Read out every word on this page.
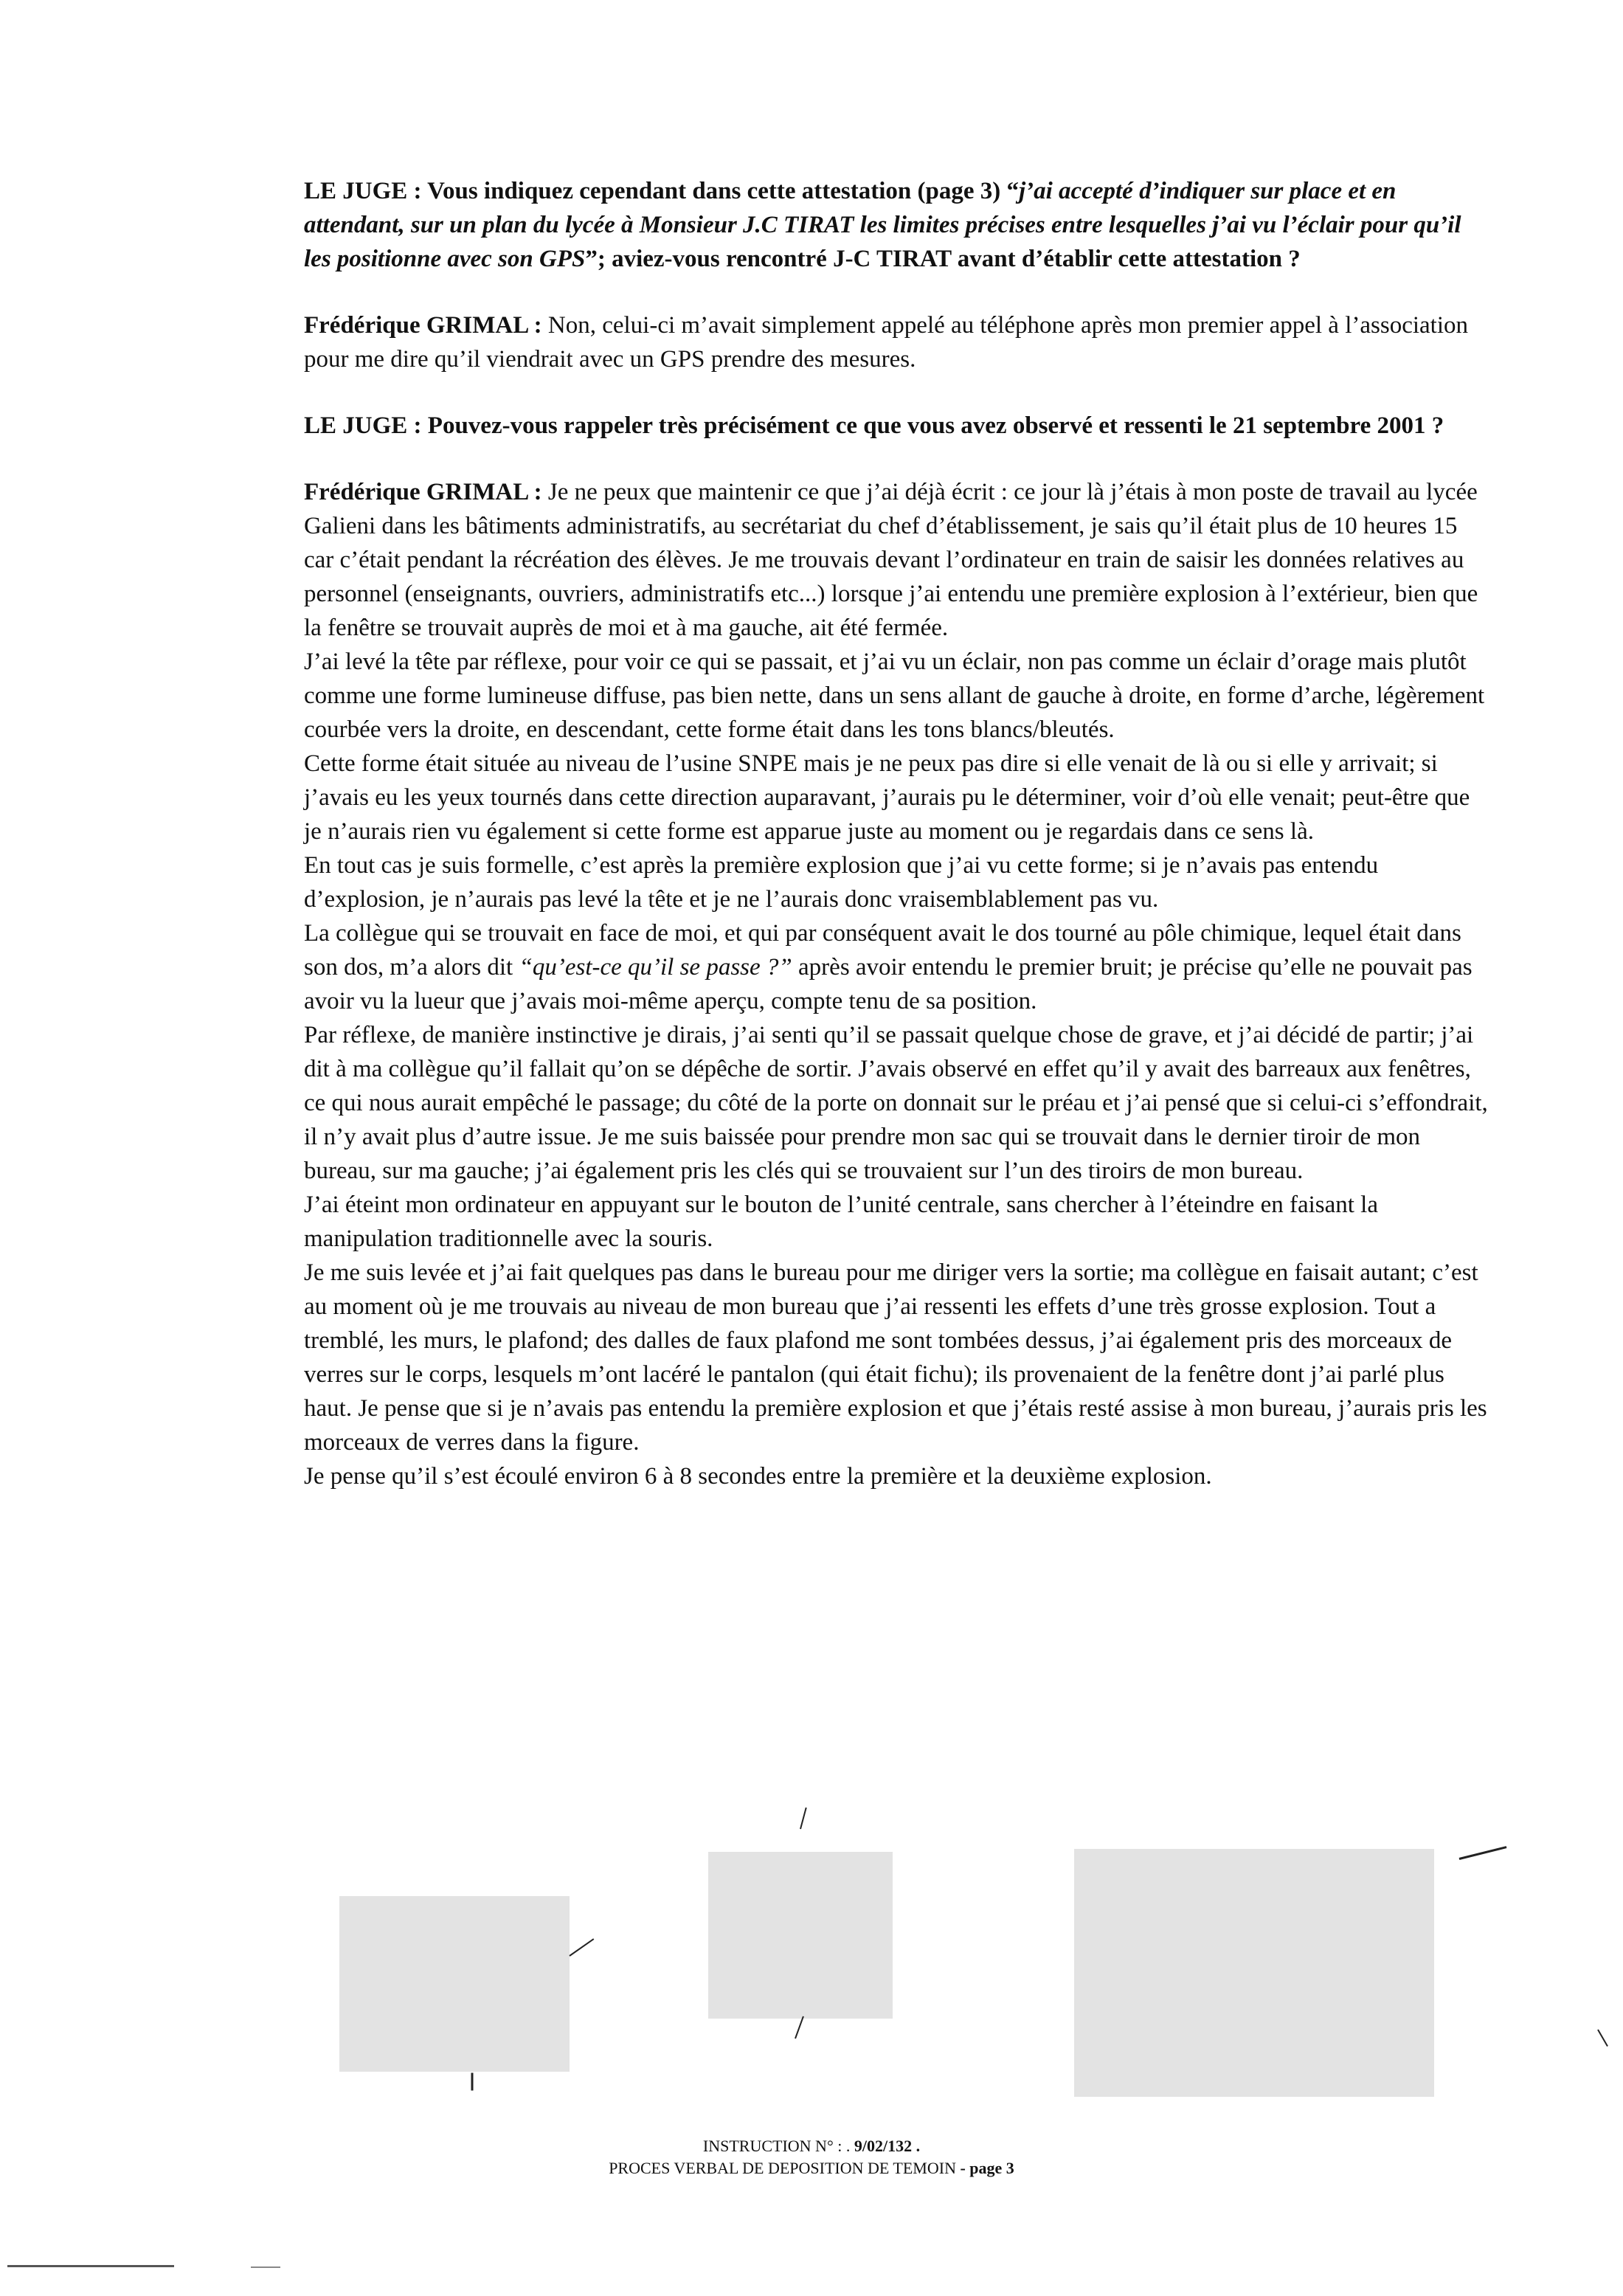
LE JUGE : Vous indiquez cependant dans cette attestation (page 3) “j’ai accepté d’indiquer sur place et en attendant, sur un plan du lycée à Monsieur J.C TIRAT les limites précises entre lesquelles j’ai vu l’éclair pour qu’il les positionne avec son GPS”; aviez-vous rencontré J-C TIRAT avant d’établir cette attestation ?

Frédérique GRIMAL : Non, celui-ci m’avait simplement appelé au téléphone après mon premier appel à l’association pour me dire qu’il viendrait avec un GPS prendre des mesures.

LE JUGE : Pouvez-vous rappeler très précisément ce que vous avez observé et ressenti le 21 septembre 2001 ?

Frédérique GRIMAL : Je ne peux que maintenir ce que j’ai déjà écrit : ce jour là j’étais à mon poste de travail au lycée Galieni dans les bâtiments administratifs, au secrétariat du chef d’établissement, je sais qu’il était plus de 10 heures 15 car c’était pendant la récréation des élèves. Je me trouvais devant l’ordinateur en train de saisir les données relatives au personnel (enseignants, ouvriers, administratifs etc...) lorsque j’ai entendu une première explosion à l’extérieur, bien que la fenêtre se trouvait auprès de moi et à ma gauche, ait été fermée.

J’ai levé la tête par réflexe, pour voir ce qui se passait, et j’ai vu un éclair, non pas comme un éclair d’orage mais plutôt comme une forme lumineuse diffuse, pas bien nette, dans un sens allant de gauche à droite, en forme d’arche, légèrement courbée vers la droite, en descendant, cette forme était dans les tons blancs/bleutés.

Cette forme était située au niveau de l’usine SNPE mais je ne peux pas dire si elle venait de là ou si elle y arrivait; si j’avais eu les yeux tournés dans cette direction auparavant, j’aurais pu le déterminer, voir d’où elle venait; peut-être que je n’aurais rien vu également si cette forme est apparue juste au moment ou je regardais dans ce sens là.

En tout cas je suis formelle, c’est après la première explosion que j’ai vu cette forme; si je n’avais pas entendu d’explosion, je n’aurais pas levé la tête et je ne l’aurais donc vraisemblablement pas vu.

La collègue qui se trouvait en face de moi, et qui par conséquent avait le dos tourné au pôle chimique, lequel était dans son dos, m’a alors dit “qu’est-ce qu’il se passe ?” après avoir entendu le premier bruit; je précise qu’elle ne pouvait pas avoir vu la lueur que j’avais moi-même aperçu, compte tenu de sa position.

Par réflexe, de manière instinctive je dirais, j’ai senti qu’il se passait quelque chose de grave, et j’ai décidé de partir; j’ai dit à ma collègue qu’il fallait qu’on se dépêche de sortir. J’avais observé en effet qu’il y avait des barreaux aux fenêtres, ce qui nous aurait empêché le passage; du côté de la porte on donnait sur le préau et j’ai pensé que si celui-ci s’effondrait, il n’y avait plus d’autre issue. Je me suis baissée pour prendre mon sac qui se trouvait dans le dernier tiroir de mon bureau, sur ma gauche; j’ai également pris les clés qui se trouvaient sur l’un des tiroirs de mon bureau.

J’ai éteint mon ordinateur en appuyant sur le bouton de l’unité centrale, sans chercher à l’éteindre en faisant la manipulation traditionnelle avec la souris.

Je me suis levée et j’ai fait quelques pas dans le bureau pour me diriger vers la sortie; ma collègue en faisait autant; c’est au moment où je me trouvais au niveau de mon bureau que j’ai ressenti les effets d’une très grosse explosion. Tout a tremblé, les murs, le plafond; des dalles de faux plafond me sont tombées dessus, j’ai également pris des morceaux de verres sur le corps, lesquels m’ont lacéré le pantalon (qui était fichu); ils provenaient de la fenêtre dont j’ai parlé plus haut. Je pense que si je n’avais pas entendu la première explosion et que j’étais resté assise à mon bureau, j’aurais pris les morceaux de verres dans la figure.

Je pense qu’il s’est écoulé environ 6 à 8 secondes entre la première et la deuxième explosion.

INSTRUCTION N° : . 9/02/132 .
PROCES VERBAL DE DEPOSITION DE TEMOIN - page 3
